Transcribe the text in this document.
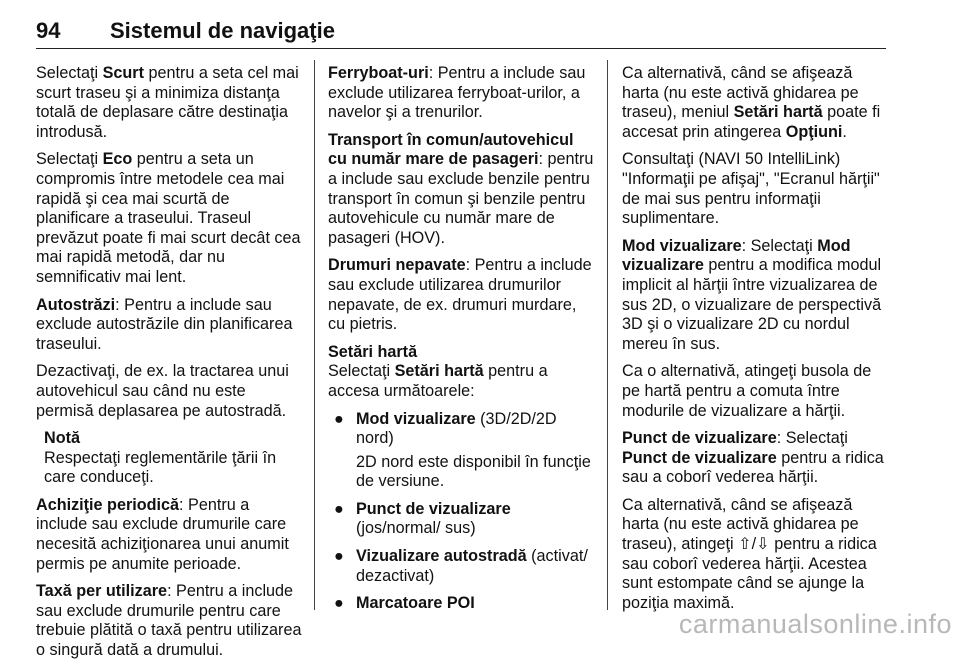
94 Sistemul de navigaţie

Selectaţi Scurt pentru a seta cel mai scurt traseu şi a minimiza distanţa totală de deplasare către destinaţia introdusă.

Selectaţi Eco pentru a seta un compromis între metodele cea mai rapidă şi cea mai scurtă de planificare a traseului. Traseul prevăzut poate fi mai scurt decât cea mai rapidă metodă, dar nu semnificativ mai lent.

Autostrăzi: Pentru a include sau exclude autostrăzile din planificarea traseului.

Dezactivaţi, de ex. la tractarea unui autovehicul sau când nu este permisă deplasarea pe autostradă.

Notă
Respectaţi reglementările ţării în care conduceţi.

Achiziţie periodică: Pentru a include sau exclude drumurile care necesită achiziţionarea unui anumit permis pe anumite perioade.

Taxă per utilizare: Pentru a include sau exclude drumurile pentru care trebuie plătită o taxă pentru utilizarea o singură dată a drumului.

Ferryboat-uri: Pentru a include sau exclude utilizarea ferryboat-urilor, a navelor şi a trenurilor.

Transport în comun/autovehicul cu număr mare de pasageri: pentru a include sau exclude benzile pentru transport în comun şi benzile pentru autovehicule cu număr mare de pasageri (HOV).

Drumuri nepavate: Pentru a include sau exclude utilizarea drumurilor nepavate, de ex. drumuri murdare, cu pietris.

Setări hartă
Selectaţi Setări hartă pentru a accesa următoarele:

● Mod vizualizare (3D/2D/2D nord)
2D nord este disponibil în funcţie de versiune.
● Punct de vizualizare (jos/normal/ sus)
● Vizualizare autostradă (activat/ dezactivat)
● Marcatoare POI

Ca alternativă, când se afişează harta (nu este activă ghidarea pe traseu), meniul Setări hartă poate fi accesat prin atingerea Opţiuni.

Consultaţi (NAVI 50 IntelliLink) "Informaţii pe afişaj", "Ecranul hărţii" de mai sus pentru informaţii suplimentare.

Mod vizualizare: Selectaţi Mod vizualizare pentru a modifica modul implicit al hărţii între vizualizarea de sus 2D, o vizualizare de perspectivă 3D şi o vizualizare 2D cu nordul mereu în sus.

Ca o alternativă, atingeţi busola de pe hartă pentru a comuta între modurile de vizualizare a hărţii.

Punct de vizualizare: Selectaţi Punct de vizualizare pentru a ridica sau a coborî vederea hărţii.

Ca alternativă, când se afişează harta (nu este activă ghidarea pe traseu), atingeţi ⇧/⇩ pentru a ridica sau coborî vederea hărţii. Acestea sunt estompate când se ajunge la poziţia maximă.

carmanualsonline.info
